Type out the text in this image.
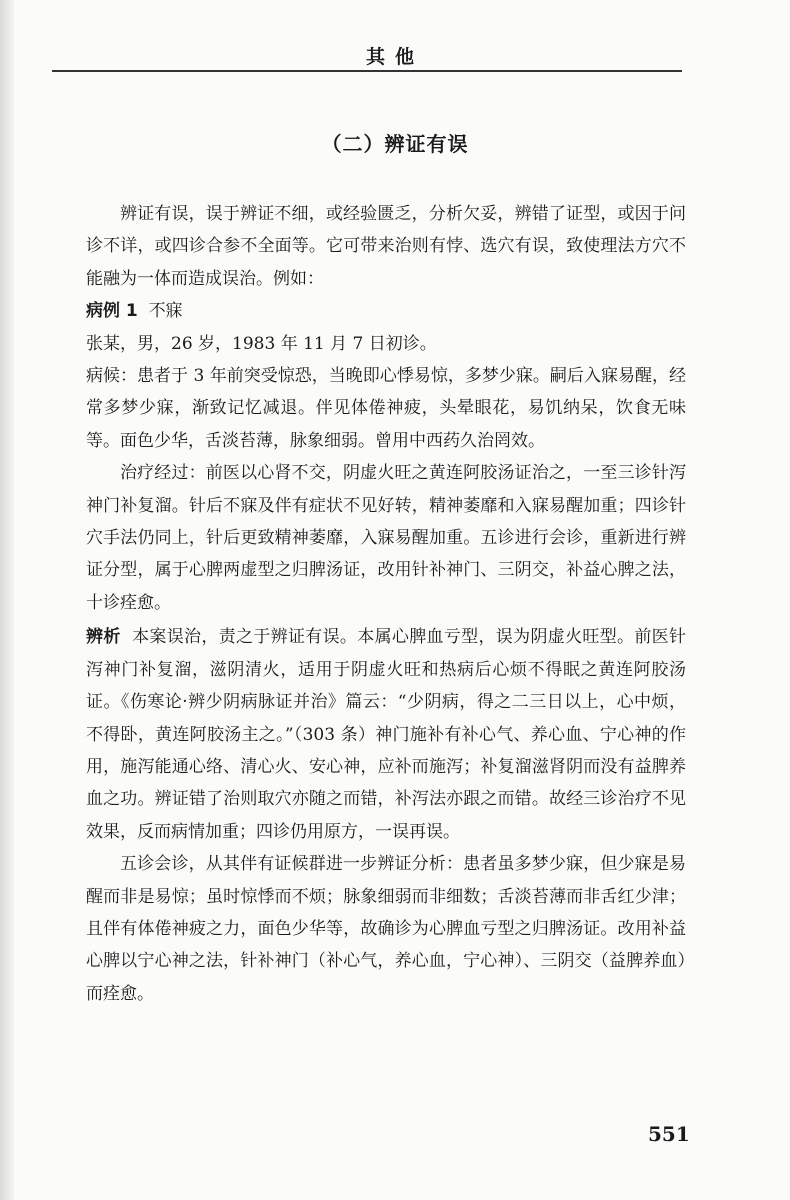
其他
（二）辨证有误

辨证有误，误于辨证不细，或经验匮乏，分析欠妥，辨错了证型，或因于问诊不详，或四诊合参不全面等。它可带来治则有悖、选穴有误，致使理法方穴不能融为一体而造成误治。例如：

病例 1 不寐

张某，男，26 岁，1983 年 11 月 7 日初诊。

病候：患者于 3 年前突受惊恐，当晚即心悸易惊，多梦少寐。嗣后入寐易醒，经常多梦少寐，渐致记忆减退。伴见体倦神疲，头晕眼花，易饥纳呆，饮食无味等。面色少华，舌淡苔薄，脉象细弱。曾用中西药久治罔效。

治疗经过：前医以心肾不交，阴虚火旺之黄连阿胶汤证治之，一至三诊针泻神门补复溜。针后不寐及伴有症状不见好转，精神萎靡和入寐易醒加重；四诊针穴手法仍同上，针后更致精神萎靡，入寐易醒加重。五诊进行会诊，重新进行辨证分型，属于心脾两虚型之归脾汤证，改用针补神门、三阴交，补益心脾之法，十诊痊愈。

辨析 本案误治，责之于辨证有误。本属心脾血亏型，误为阴虚火旺型。前医针泻神门补复溜，滋阴清火，适用于阴虚火旺和热病后心烦不得眠之黄连阿胶汤证。《伤寒论·辨少阴病脉证并治》篇云：“少阴病，得之二三日以上，心中烦，不得卧，黄连阿胶汤主之。”（303 条）神门施补有补心气、养心血、宁心神的作用，施泻能通心络、清心火、安心神，应补而施泻；补复溜滋肾阴而没有益脾养血之功。辨证错了治则取穴亦随之而错，补泻法亦跟之而错。故经三诊治疗不见效果，反而病情加重；四诊仍用原方，一误再误。

五诊会诊，从其伴有证候群进一步辨证分析：患者虽多梦少寐，但少寐是易醒而非是易惊；虽时惊悸而不烦；脉象细弱而非细数；舌淡苔薄而非舌红少津；且伴有体倦神疲之力，面色少华等，故确诊为心脾血亏型之归脾汤证。改用补益心脾以宁心神之法，针补神门（补心气，养心血，宁心神）、三阴交（益脾养血）而痊愈。

551
